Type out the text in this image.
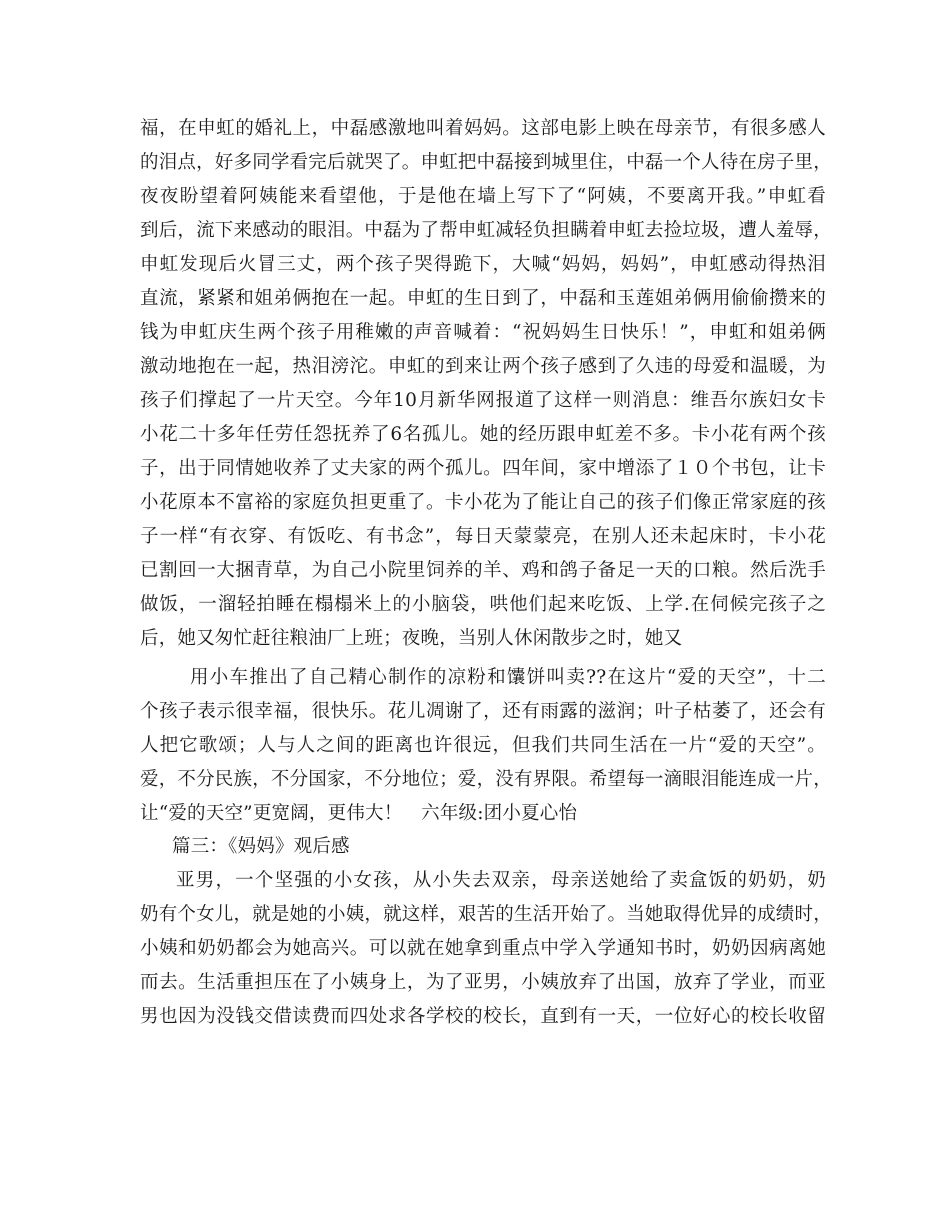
福，在申虹的婚礼上，中磊感激地叫着妈妈。这部电影上映在母亲节，有很多感人
的泪点，好多同学看完后就哭了。申虹把中磊接到城里住，中磊一个人待在房子里，
夜夜盼望着阿姨能来看望他，于是他在墙上写下了“阿姨，不要离开我。”申虹看
到后，流下来感动的眼泪。中磊为了帮申虹减轻负担瞒着申虹去捡垃圾，遭人羞辱，
申虹发现后火冒三丈，两个孩子哭得跪下，大喊“妈妈，妈妈”，申虹感动得热泪
直流，紧紧和姐弟俩抱在一起。申虹的生日到了，中磊和玉莲姐弟俩用偷偷攒来的
钱为申虹庆生两个孩子用稚嫩的声音喊着：“祝妈妈生日快乐！”，申虹和姐弟俩
激动地抱在一起，热泪滂沱。申虹的到来让两个孩子感到了久违的母爱和温暖，为
孩子们撑起了一片天空。今年10月新华网报道了这样一则消息：维吾尔族妇女卡
小花二十多年任劳任怨抚养了6名孤儿。她的经历跟申虹差不多。卡小花有两个孩
子，出于同情她收养了丈夫家的两个孤儿。四年间，家中增添了１０个书包，让卡
小花原本不富裕的家庭负担更重了。卡小花为了能让自己的孩子们像正常家庭的孩
子一样“有衣穿、有饭吃、有书念”，每日天蒙蒙亮，在别人还未起床时，卡小花
已割回一大捆青草，为自己小院里饲养的羊、鸡和鸽子备足一天的口粮。然后洗手
做饭，一溜轻拍睡在榻榻米上的小脑袋，哄他们起来吃饭、上学.在伺候完孩子之
后，她又匆忙赶往粮油厂上班；夜晚，当别人休闲散步之时，她又
用小车推出了自己精心制作的凉粉和馕饼叫卖??在这片“爱的天空”，十二
个孩子表示很幸福，很快乐。花儿凋谢了，还有雨露的滋润；叶子枯萎了，还会有
人把它歌颂；人与人之间的距离也许很远，但我们共同生活在一片“爱的天空”。
爱，不分民族，不分国家，不分地位；爱，没有界限。希望每一滴眼泪能连成一片，
让“爱的天空”更宽阔，更伟大！　六年级:团小夏心怡
篇三：《妈妈》观后感
亚男，一个坚强的小女孩，从小失去双亲，母亲送她给了卖盒饭的奶奶，奶
奶有个女儿，就是她的小姨，就这样，艰苦的生活开始了。当她取得优异的成绩时，
小姨和奶奶都会为她高兴。可以就在她拿到重点中学入学通知书时，奶奶因病离她
而去。生活重担压在了小姨身上，为了亚男，小姨放弃了出国，放弃了学业，而亚
男也因为没钱交借读费而四处求各学校的校长，直到有一天，一位好心的校长收留
